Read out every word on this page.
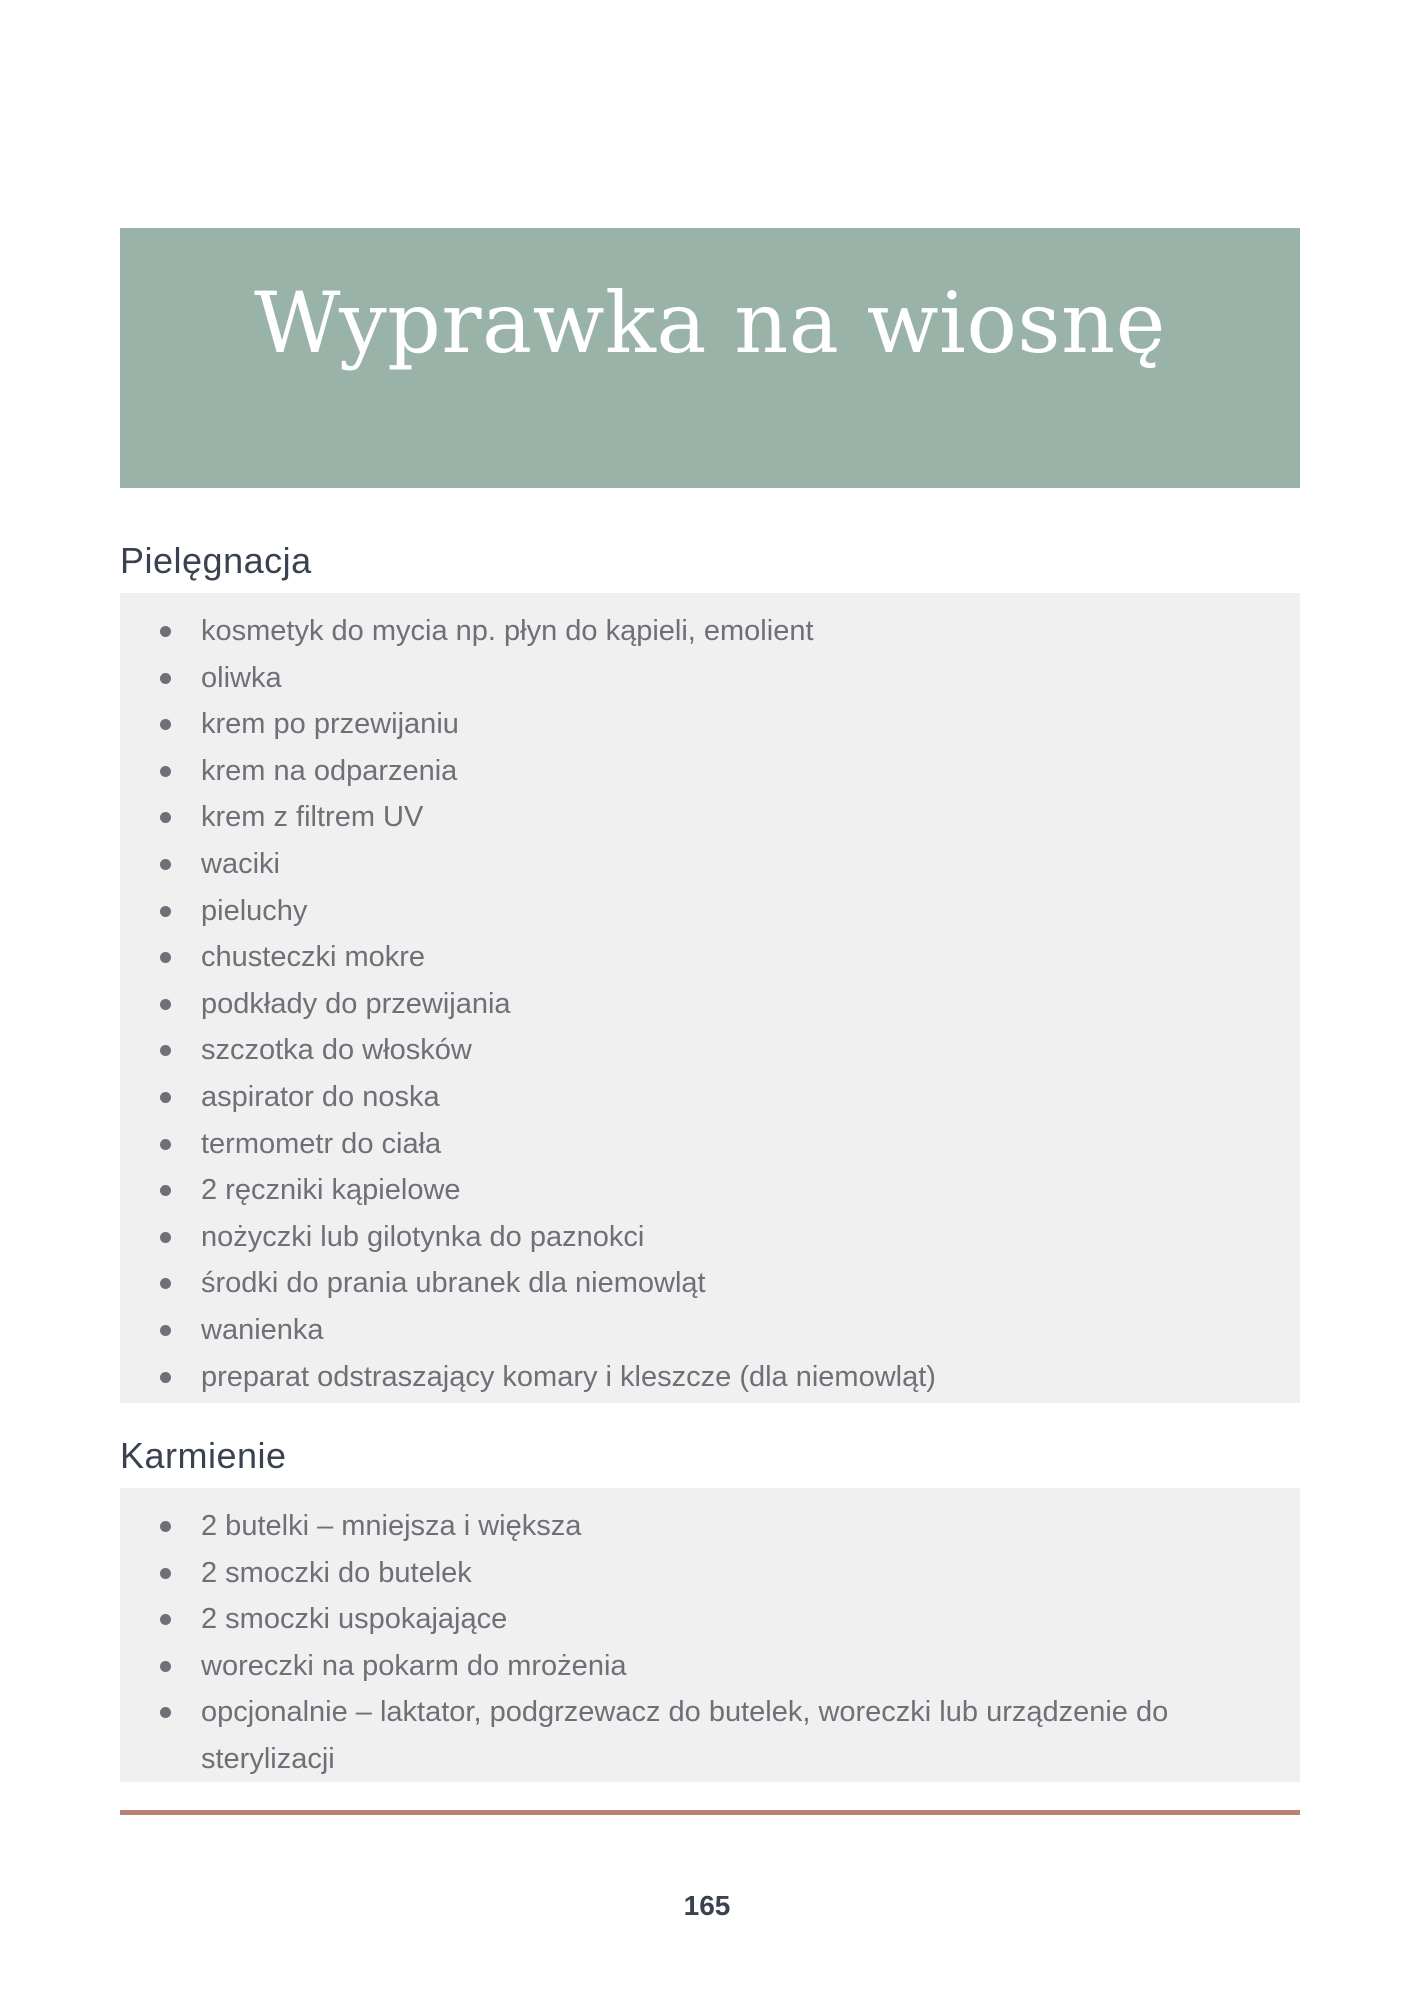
Wyprawka na wiosnę
Pielęgnacja
kosmetyk do mycia np. płyn do kąpieli, emolient
oliwka
krem po przewijaniu
krem na odparzenia
krem z filtrem UV
waciki
pieluchy
chusteczki mokre
podkłady do przewijania
szczotka do włosków
aspirator do noska
termometr do ciała
2 ręczniki kąpielowe
nożyczki lub gilotynka do paznokci
środki do prania ubranek dla niemowląt
wanienka
preparat odstraszający komary i kleszcze (dla niemowląt)
Karmienie
2 butelki – mniejsza i większa
2 smoczki do butelek
2 smoczki uspokajające
woreczki na pokarm do mrożenia
opcjonalnie – laktator, podgrzewacz do butelek, woreczki lub urządzenie do sterylizacji
165
